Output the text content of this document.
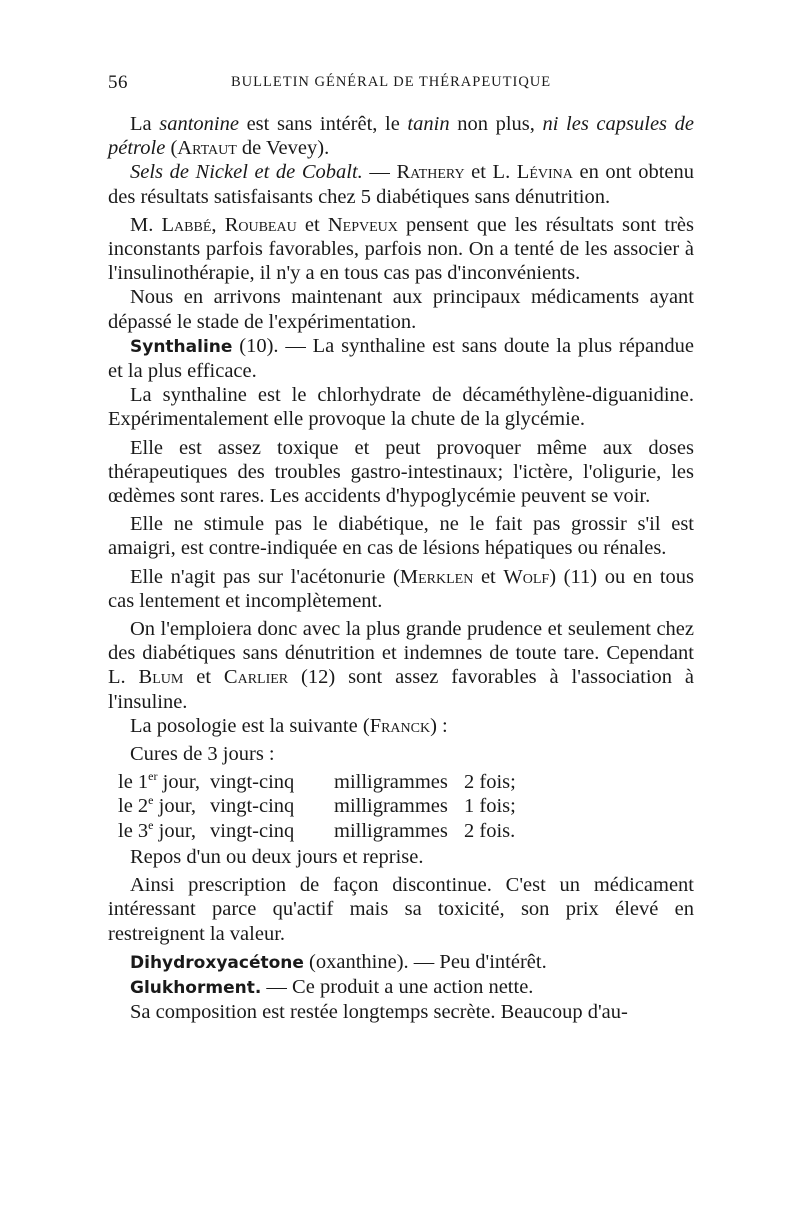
56	BULLETIN GÉNÉRAL DE THÉRAPEUTIQUE

La santonine est sans intérêt, le tanin non plus, ni les capsules de pétrole (Artaut de Vevey).

Sels de Nickel et de Cobalt. — Rathery et L. Lévina en ont obtenu des résultats satisfaisants chez 5 diabétiques sans dénutrition.

M. Labbé, Roubeau et Nepveux pensent que les résultats sont très inconstants parfois favorables, parfois non. On a tenté de les associer à l'insulinothérapie, il n'y a en tous cas pas d'inconvénients.

Nous en arrivons maintenant aux principaux médicaments ayant dépassé le stade de l'expérimentation.

Synthaline (10). — La synthaline est sans doute la plus répandue et la plus efficace.

La synthaline est le chlorhydrate de décaméthylène-diguanidine. Expérimentalement elle provoque la chute de la glycémie.

Elle est assez toxique et peut provoquer même aux doses thérapeutiques des troubles gastro-intestinaux; l'ictère, l'oligurie, les œdèmes sont rares. Les accidents d'hypoglycémie peuvent se voir.

Elle ne stimule pas le diabétique, ne le fait pas grossir s'il est amaigri, est contre-indiquée en cas de lésions hépatiques ou rénales.

Elle n'agit pas sur l'acétonurie (Merklen et Wolf) (11) ou en tous cas lentement et incomplètement.

On l'emploiera donc avec la plus grande prudence et seulement chez des diabétiques sans dénutrition et indemnes de toute tare. Cependant L. Blum et Carlier (12) sont assez favorables à l'association à l'insuline.

La posologie est la suivante (Franck) :

Cures de 3 jours :

le 1er jour, vingt-cinq milligrammes 2 fois;
le 2e jour, vingt-cinq milligrammes 1 fois;
le 3e jour, vingt-cinq milligrammes 2 fois.

Repos d'un ou deux jours et reprise.

Ainsi prescription de façon discontinue. C'est un médicament intéressant parce qu'actif mais sa toxicité, son prix élevé en restreignent la valeur.

Dihydroxyacétone (oxanthine). — Peu d'intérêt.

Glukhorment. — Ce produit a une action nette.

Sa composition est restée longtemps secrète. Beaucoup d'au-
